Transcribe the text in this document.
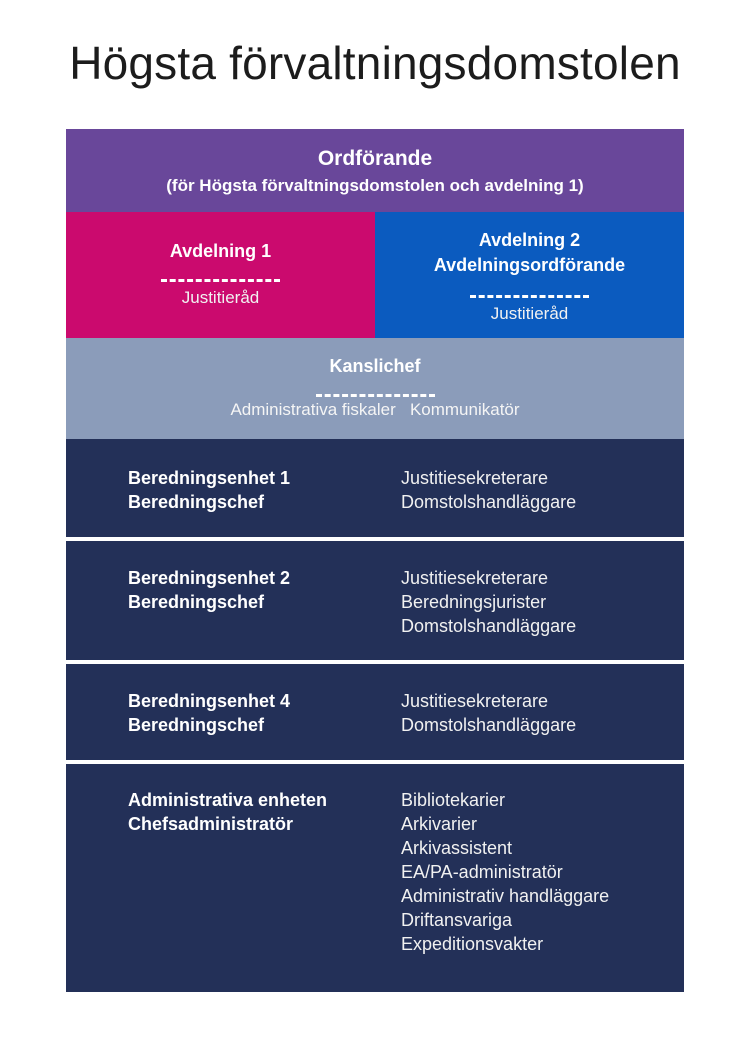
Högsta förvaltningsdomstolen
Ordförande
(för Högsta förvaltningsdomstolen och avdelning 1)
Avdelning 1
Justitieråd
Avdelning 2
Avdelningsordförande
Justitieråd
Kanslichef
Administrativa fiskaler Kommunikatör
Beredningsenhet 1
Beredningschef
Justitiesekreterare
Domstolshandläggare
Beredningsenhet 2
Beredningschef
Justitiesekreterare
Beredningsjurister
Domstolshandläggare
Beredningsenhet 4
Beredningschef
Justitiesekreterare
Domstolshandläggare
Administrativa enheten
Chefsadministratör
Bibliotekarier
Arkivarier
Arkivassistent
EA/PA-administratör
Administrativ handläggare
Driftansvariga
Expeditionsvakter
